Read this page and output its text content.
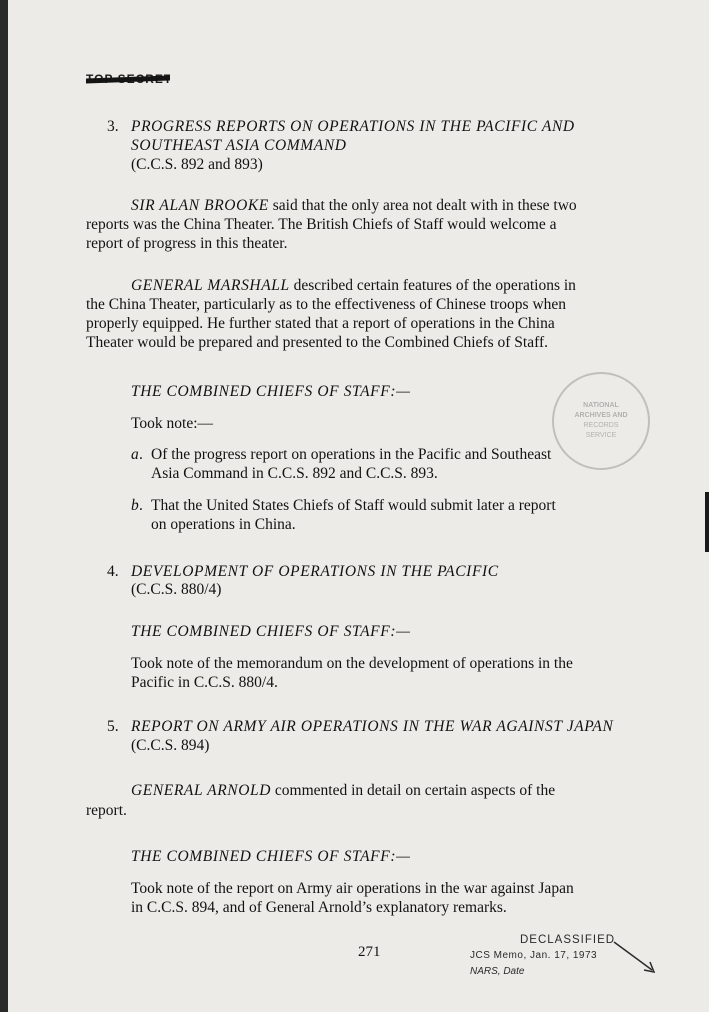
3. PROGRESS REPORTS ON OPERATIONS IN THE PACIFIC AND
SOUTHEAST ASIA COMMAND
(C.C.S. 892 and 893)
SIR ALAN BROOKE said that the only area not dealt with in these two
reports was the China Theater. The British Chiefs of Staff would welcome a
report of progress in this theater.
GENERAL MARSHALL described certain features of the operations in
the China Theater, particularly as to the effectiveness of Chinese troops when
properly equipped. He further stated that a report of operations in the China
Theater would be prepared and presented to the Combined Chiefs of Staff.
THE COMBINED CHIEFS OF STAFF:—
Took note:—
a. Of the progress report on operations in the Pacific and Southeast
Asia Command in C.C.S. 892 and C.C.S. 893.
b. That the United States Chiefs of Staff would submit later a report
on operations in China.
4. DEVELOPMENT OF OPERATIONS IN THE PACIFIC
(C.C.S. 880/4)
THE COMBINED CHIEFS OF STAFF:—
Took note of the memorandum on the development of operations in the
Pacific in C.C.S. 880/4.
5. REPORT ON ARMY AIR OPERATIONS IN THE WAR AGAINST JAPAN
(C.C.S. 894)
GENERAL ARNOLD commented in detail on certain aspects of the
report.
THE COMBINED CHIEFS OF STAFF:—
Took note of the report on Army air operations in the war against Japan
in C.C.S. 894, and of General Arnold’s explanatory remarks.
NATIONAL
ARCHIVES AND
RECORDS
SERVICE
271
DECLASSIFIED
JCS Memo, Jan. 17, 1973
NARS, Date
